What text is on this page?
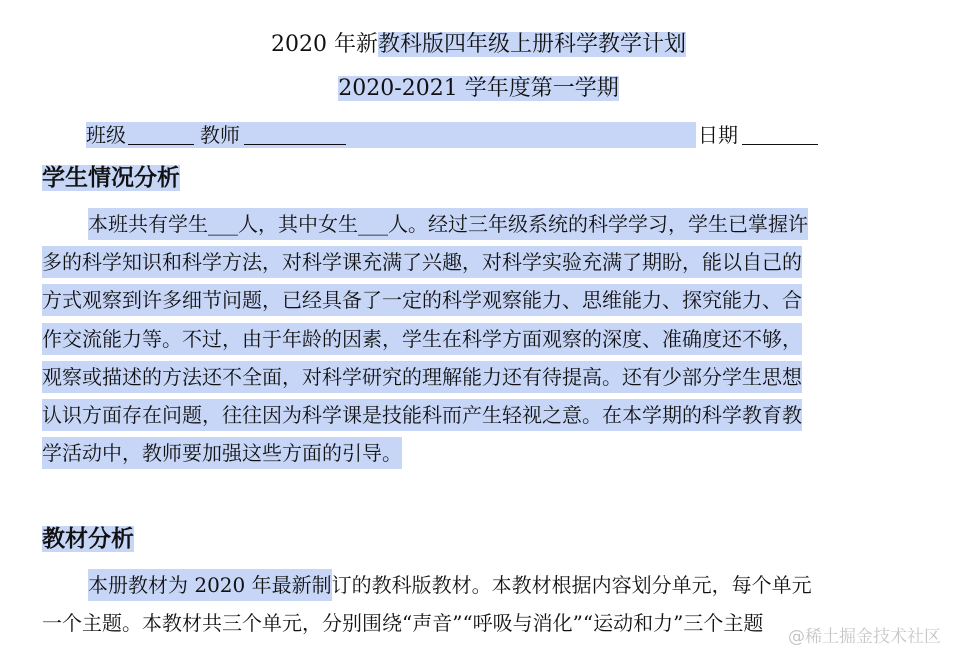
2020 年新教科版四年级上册科学教学计划
2020-2021 学年度第一学期
班级	教师	日期
学生情况分析
本班共有学生___人，其中女生___人。经过三年级系统的科学学习，学生已掌握许
多的科学知识和科学方法，对科学课充满了兴趣，对科学实验充满了期盼，能以自己的
方式观察到许多细节问题，已经具备了一定的科学观察能力、思维能力、探究能力、合
作交流能力等。不过，由于年龄的因素，学生在科学方面观察的深度、准确度还不够，
观察或描述的方法还不全面，对科学研究的理解能力还有待提高。还有少部分学生思想
认识方面存在问题，往往因为科学课是技能科而产生轻视之意。在本学期的科学教育教
学活动中，教师要加强这些方面的引导。
教材分析
本册教材为 2020 年最新制订的教科版教材。本教材根据内容划分单元，每个单元
一个主题。本教材共三个单元，分别围绕“声音”“呼吸与消化”“运动和力”三个主题
@稀土掘金技术社区
